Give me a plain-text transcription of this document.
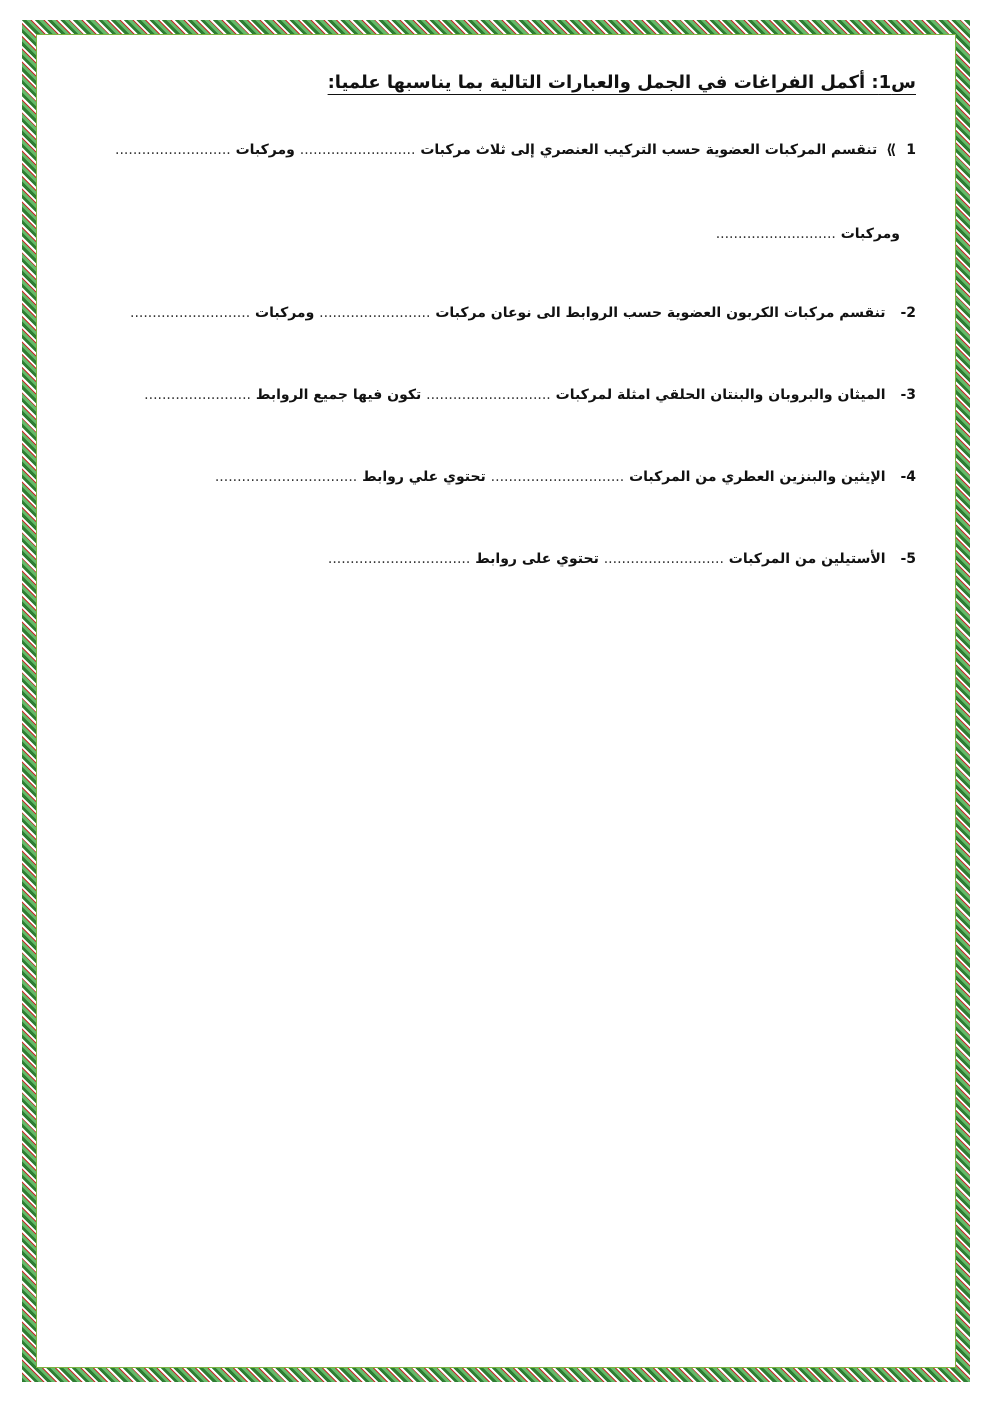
س1: أكمل الفراغات في الجمل والعبارات التالية بما يناسبها علميا:
1⟫ تنقسم المركبات العضوية حسب التركيب العنصري إلى ثلاث مركبات .......................... ومركبات ..........................
ومركبات ...........................
2- تنقسم مركبات الكربون العضوية حسب الروابط الى نوعان مركبات ......................... ومركبات ...........................
3- الميثان والبروبان والبنتان الحلقي امثلة لمركبات ............................ تكون فيها جميع الروابط ........................
4- الإيثين والبنزين العطري من المركبات .............................. تحتوي علي روابط ................................
5- الأستيلين من المركبات ........................... تحتوي على روابط ................................
